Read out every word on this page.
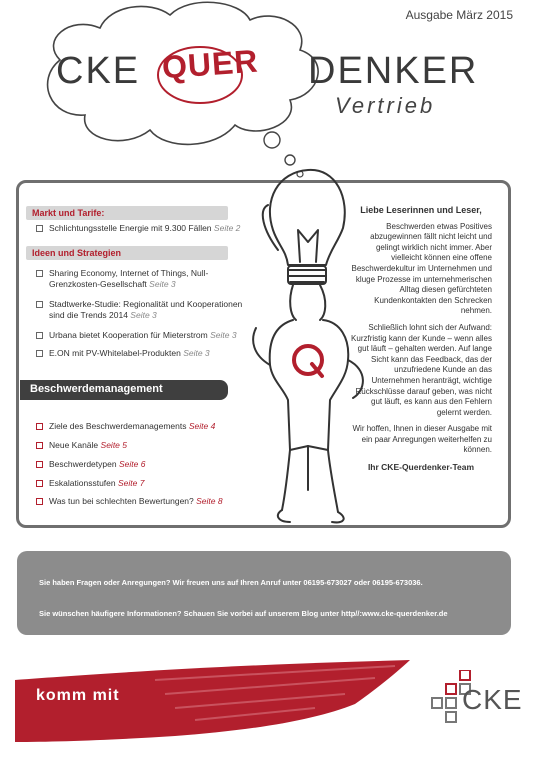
Ausgabe März 2015
CKE QUER DENKER
Vertrieb
Markt und Tarife:
Schlichtungsstelle Energie mit 9.300 Fällen Seite 2
Ideen und Strategien
Sharing Economy, Internet of Things, Null-
Grenzkosten-Gesellschaft Seite 3
Stadtwerke-Studie: Regionalität und Kooperationen
sind die Trends 2014 Seite 3
Urbana bietet Kooperation für Mieterstrom Seite 3
E.ON mit PV-Whitelabel-Produkten Seite 3
Beschwerdemanagement
Ziele des Beschwerdemanagements Seite 4
Neue Kanäle Seite 5
Beschwerdetypen Seite 6
Eskalationsstufen Seite 7
Was tun bei schlechten Bewertungen? Seite 8
Liebe Leserinnen und Leser,

Beschwerden etwas Positives abzugewinnen fällt nicht leicht und gelingt wirklich nicht immer. Aber vielleicht können eine offene Beschwerdekultur im Unternehmen und kluge Prozesse im unternehmerischen Alltag diesen gefürchteten Kundenkontakten den Schrecken nehmen.

Schließlich lohnt sich der Aufwand: Kurzfristig kann der Kunde – wenn alles gut läuft – gehalten werden. Auf lange Sicht kann das Feedback, das der unzufriedene Kunde an das Unternehmen heranträgt, wichtige Rückschlüsse darauf geben, was nicht gut läuft, es kann aus den Fehlern gelernt werden.

Wir hoffen, Ihnen in dieser Ausgabe mit ein paar Anregungen weiterhelfen zu können.

Ihr CKE-Querdenker-Team
Sie haben Fragen oder Anregungen? Wir freuen uns auf Ihren Anruf unter 06195-673027 oder 06195-673036.
Sie wünschen häufigere Informationen? Schauen Sie vorbei auf unserem Blog unter http//:www.cke-querdenker.de
komm mit	CKE
